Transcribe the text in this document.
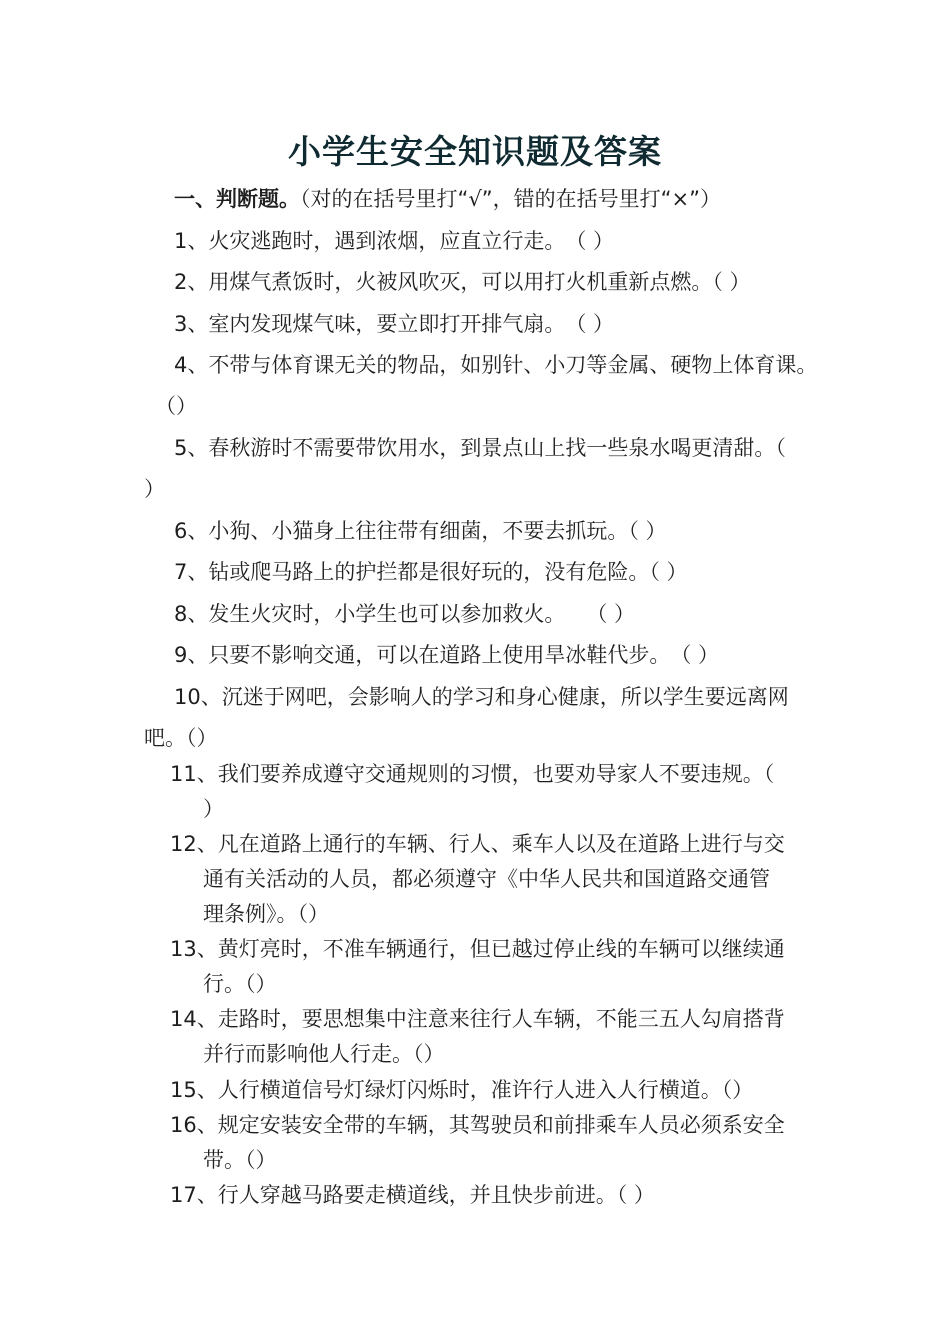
小学生安全知识题及答案
一、判断题。（对的在括号里打“√”，错的在括号里打“×”）
1、火灾逃跑时，遇到浓烟，应直立行走。　（ ）
2、用煤气煮饭时，火被风吹灭，可以用打火机重新点燃。（ ）
3、室内发现煤气味，要立即打开排气扇。　（ ）
4、不带与体育课无关的物品，如别针、小刀等金属、硬物上体育课。
（）
5、春秋游时不需要带饮用水，到景点山上找一些泉水喝更清甜。（
）
6、小狗、小猫身上往往带有细菌，不要去抓玩。（ ）
7、钻或爬马路上的护拦都是很好玩的，没有危险。（ ）
8、发生火灾时，小学生也可以参加救火。　　（ ）
9、只要不影响交通，可以在道路上使用旱冰鞋代步。　（ ）
10、沉迷于网吧，会影响人的学习和身心健康，所以学生要远离网
吧。（）
11、我们要养成遵守交通规则的习惯，也要劝导家人不要违规。（
）
12、凡在道路上通行的车辆、行人、乘车人以及在道路上进行与交
通有关活动的人员，都必须遵守《中华人民共和国道路交通管
理条例》。（）
13、黄灯亮时，不准车辆通行，但已越过停止线的车辆可以继续通
行。（）
14、走路时，要思想集中注意来往行人车辆，不能三五人勾肩搭背
并行而影响他人行走。（）
15、人行横道信号灯绿灯闪烁时，准许行人进入人行横道。（）
16、规定安装安全带的车辆，其驾驶员和前排乘车人员必须系安全
带。（）
17、行人穿越马路要走横道线，并且快步前进。（ ）
